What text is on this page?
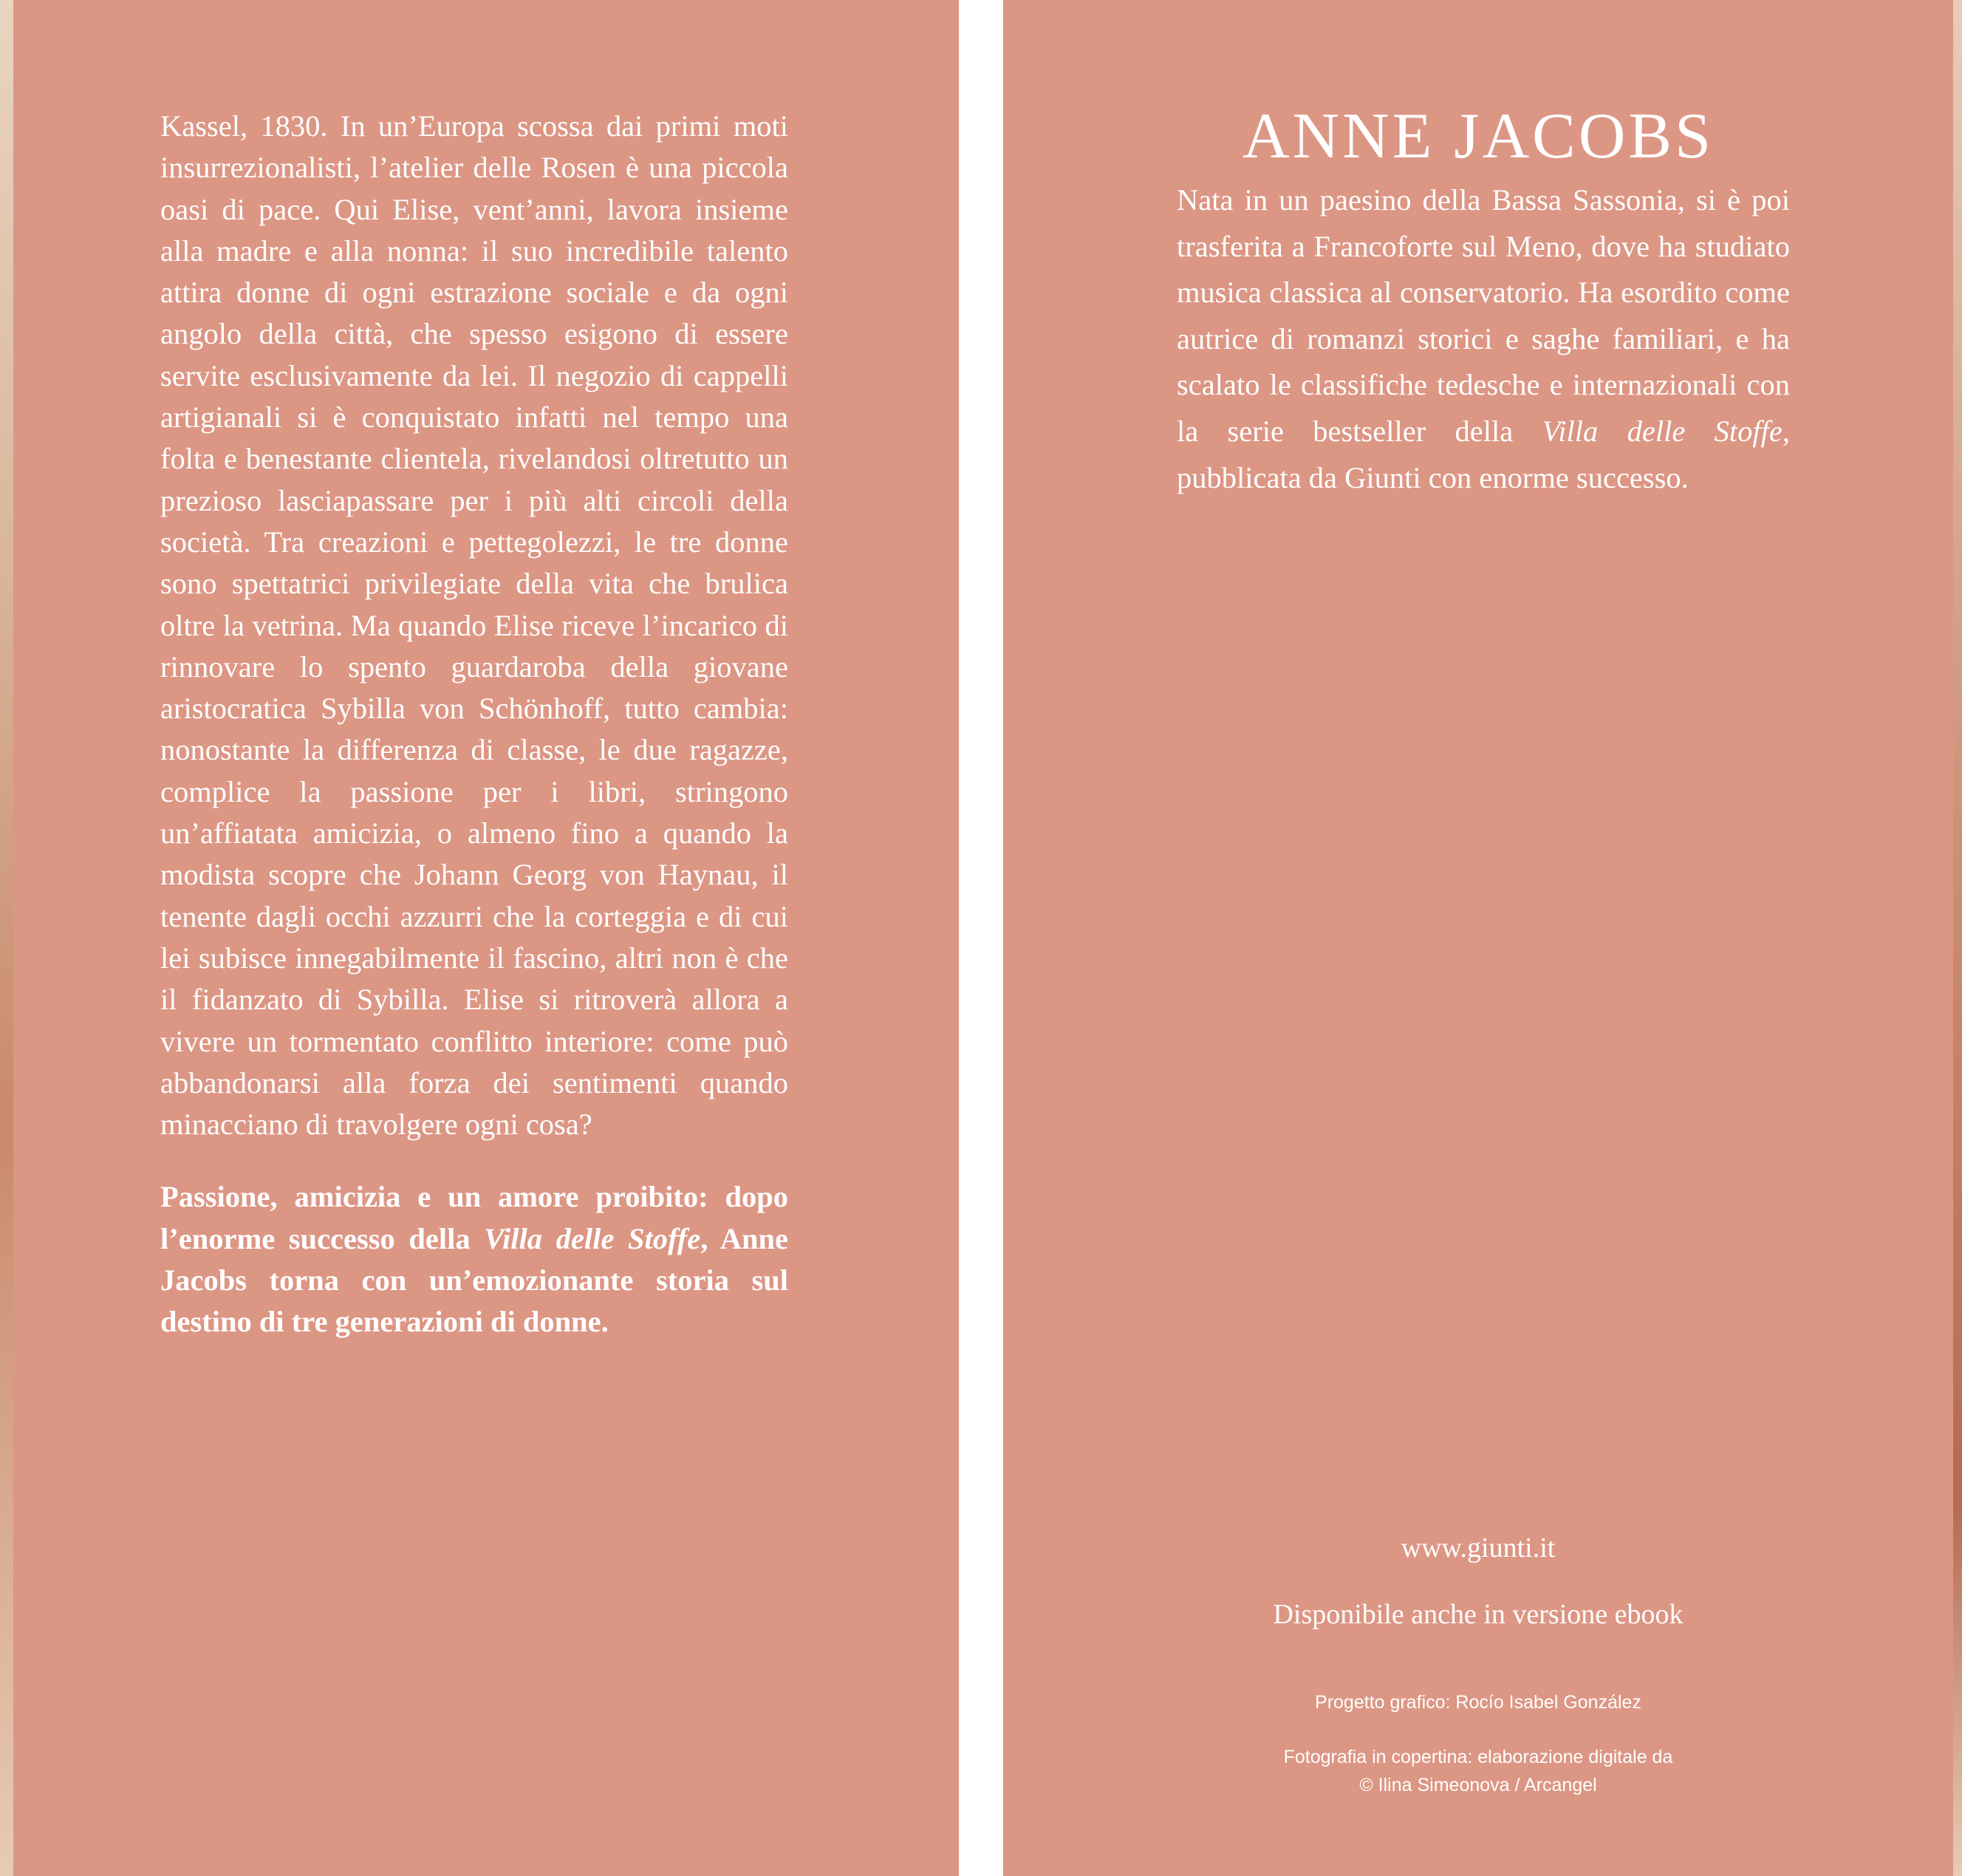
Kassel, 1830. In un’Europa scossa dai primi moti insurrezionalisti, l’atelier delle Rosen è una piccola oasi di pace. Qui Elise, vent’anni, lavora insieme alla madre e alla nonna: il suo incredibile talento attira donne di ogni estrazione sociale e da ogni angolo della città, che spesso esigono di essere servite esclusivamente da lei. Il negozio di cappelli artigianali si è conquistato infatti nel tempo una folta e benestante clientela, rivelandosi oltretutto un prezioso lasciapassare per i più alti circoli della società. Tra creazioni e pettegolezzi, le tre donne sono spettatrici privilegiate della vita che brulica oltre la vetrina. Ma quando Elise riceve l’incarico di rinnovare lo spento guardaroba della giovane aristocratica Sybilla von Schönhoff, tutto cambia: nonostante la differenza di classe, le due ragazze, complice la passione per i libri, stringono un’affiatata amicizia, o almeno fino a quando la modista scopre che Johann Georg von Haynau, il tenente dagli occhi azzurri che la corteggia e di cui lei subisce innegabilmente il fascino, altri non è che il fidanzato di Sybilla. Elise si ritroverà allora a vivere un tormentato conflitto interiore: come può abbandonarsi alla forza dei sentimenti quando minacciano di travolgere ogni cosa?

Passione, amicizia e un amore proibito: dopo l’enorme successo della Villa delle Stoffe, Anne Jacobs torna con un’emozionante storia sul destino di tre generazioni di donne.

ANNE JACOBS

Nata in un paesino della Bassa Sassonia, si è poi trasferita a Francoforte sul Meno, dove ha studiato musica classica al conservatorio. Ha esordito come autrice di romanzi storici e saghe familiari, e ha scalato le classifiche tedesche e internazionali con la serie bestseller della Villa delle Stoffe, pubblicata da Giunti con enorme successo.

www.giunti.it
Disponibile anche in versione ebook
Progetto grafico: Rocío Isabel González
Fotografia in copertina: elaborazione digitale da
© Ilina Simeonova / Arcangel
